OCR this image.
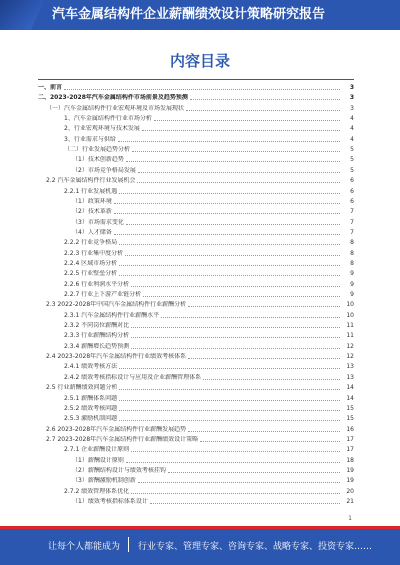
汽车金属结构件企业薪酬绩效设计策略研究报告
内容目录
一、前言	3
二、2023-2028年汽车金属结构件市场前景及趋势预测	3
（一）汽车金属结构件行业宏观环境及市场发展现状	3
1、汽车金属结构件行业市场分析	4
2、行业宏观环境与技术发展	4
3、行业需求与供给	4
（二）行业发展趋势分析	5
（1）技术创新趋势	5
（2）市场竞争格局发展	5
2.2 汽车金属结构件行业发展机会	6
2.2.1 行业发展机遇	6
（1）政策环境	6
（2）技术革新	7
（3）市场需求变化	7
（4）人才储备	7
2.2.2 行业竞争格局	8
2.2.3 行业集中度分析	8
2.2.4 区域市场分析	8
2.2.5 行业壁垒分析	9
2.2.6 行业利润水平分析	9
2.2.7 行业上下游产业链分析	9
2.3 2022-2028年中国汽车金属结构件行业薪酬分析	10
2.3.1 汽车金属结构件行业薪酬水平	10
2.3.2 不同岗位薪酬对比	11
2.3.3 行业薪酬结构分析	11
2.3.4 薪酬增长趋势预测	12
2.4 2023-2028年汽车金属结构件行业绩效考核体系	12
2.4.1 绩效考核方法	13
2.4.2 绩效考核指标设计与应用及企业薪酬管理体系	13
2.5 行业薪酬绩效问题分析	14
2.5.1 薪酬体系问题	14
2.5.2 绩效考核问题	15
2.5.3 激励机制问题	15
2.6 2023-2028年汽车金属结构件行业薪酬发展趋势	16
2.7 2023-2028年汽车金属结构件行业薪酬绩效设计策略	17
2.7.1 企业薪酬设计原则	17
（1）薪酬设计原则	18
（2）薪酬结构设计与绩效考核挂钩	19
（3）薪酬激励机制创新	19
2.7.2 绩效管理体系优化	20
（1）绩效考核指标体系设计	21
1
让每个人都能成为 行业专家、管理专家、咨询专家、战略专家、投资专家……
